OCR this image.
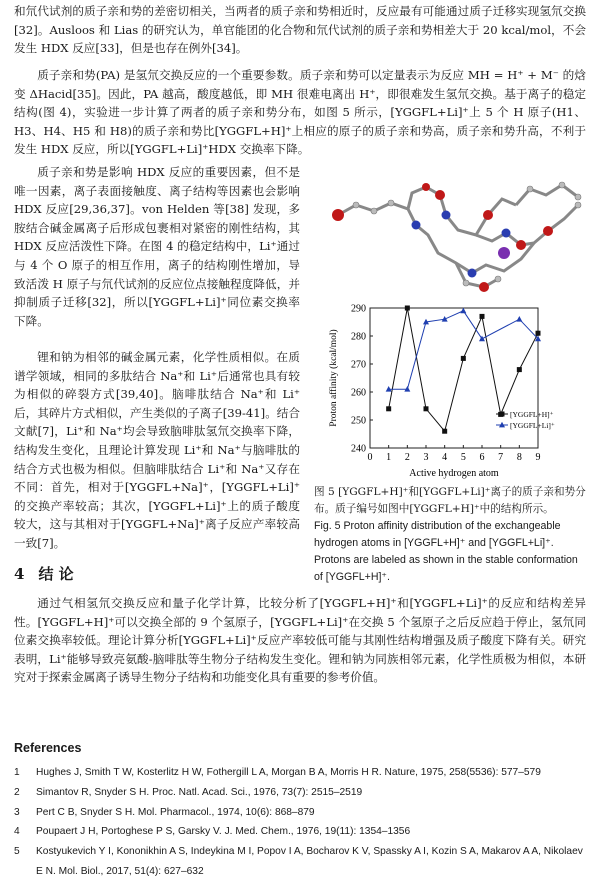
和氘代试剂的质子亲和势的差密切相关，当两者的质子亲和势相近时，反应最有可能通过质子迁移实现氢氘交换[32]。Ausloos 和 Lias 的研究认为，单官能团的化合物和氘代试剂的质子亲和势相差大于 20 kcal/mol，不会发生 HDX 反应[33]，但是也存在例外[34]。

质子亲和势(PA) 是氢氘交换反应的一个重要参数。质子亲和势可以定量表示为反应 MH = H⁺ + M⁻ 的焓变 ΔHacid[35]。因此，PA 越高，酸度越低，即 MH 很难电离出 H⁺，即很难发生氢氘交换。基于离子的稳定结构(图 4)，实验进一步计算了两者的质子亲和势分布，如图 5 所示，[YGGFL+Li]⁺上 5 个 H 原子(H1、H3、H4、H5 和 H8)的质子亲和势比[YGGFL+H]⁺上相应的原子的质子亲和势高，质子亲和势升高，不利于发生 HDX 反应，所以[YGGFL+Li]⁺HDX 交换率下降。

质子亲和势是影响 HDX 反应的重要因素，但不是唯一因素，离子表面接触度、离子结构等因素也会影响 HDX 反应[29,36,37]。von Helden 等[38] 发现，多胺结合碱金属离子后形成包裹相对紧密的刚性结构，其 HDX 反应活泼性下降。在图 4 的稳定结构中，Li⁺通过与 4 个 O 原子的相互作用，离子的结构刚性增加，导致活泼 H 原子与氘代试剂的反应位点接触程度降低，并抑制质子迁移[32]，所以[YGGFL+Li]⁺同位素交换率下降。

锂和钠为相邻的碱金属元素，化学性质相似。在质谱学领域，相同的多肽结合 Na⁺和 Li⁺后通常也具有较为相似的碎裂方式[39,40]。脑啡肽结合 Na⁺和 Li⁺后，其碎片方式相似，产生类似的子离子[39-41]。结合文献[7]，Li⁺和 Na⁺均会导致脑啡肽氢氘交换率下降，结构发生变化，且理论计算发现 Li⁺和 Na⁺与脑啡肽的结合方式也极为相似。但脑啡肽结合 Li⁺和 Na⁺又存在不同：首先，相对于[YGGFL+Na]⁺，[YGGFL+Li]⁺的交换产率较高；其次，[YGGFL+Li]⁺上的质子酸度较大，这与其相对于[YGGFL+Na]⁺离子反应产率较高一致[7]。

0 1 2 3 4 5 6 7 8 9
240
250
260
270
280
290
Active hydrogen atom
Proton affinity (kcal/mol)	[YGGFL+H]⁺
[YGGFL+Li]⁺
图 5 [YGGFL+H]⁺和[YGGFL+Li]⁺离子的质子亲和势分布。质子编号如图中[YGGFL+H]⁺中的结构所示。
Fig. 5 Proton affinity distribution of the exchangeable hydrogen atoms in [YGGFL+H]⁺ and [YGGFL+Li]⁺. Protons are labeled as shown in the stable conformation of [YGGFL+H]⁺.
4 结 论

通过气相氢氘交换反应和量子化学计算，比较分析了[YGGFL+H]⁺和[YGGFL+Li]⁺的反应和结构差异性。[YGGFL+H]⁺可以交换全部的 9 个氢原子，[YGGFL+Li]⁺在交换 5 个氢原子之后反应趋于停止，氢氘同位素交换率较低。理论计算分析[YGGFL+Li]⁺反应产率较低可能与其刚性结构增强及质子酸度下降有关。研究表明，Li⁺能够导致亮氨酸-脑啡肽等生物分子结构发生变化。锂和钠为同族相邻元素，化学性质极为相似，本研究对于探索金属离子诱导生物分子结构和功能变化具有重要的参考价值。

References
1	Hughes J, Smith T W, Kosterlitz H W, Fothergill L A, Morgan B A, Morris H R. Nature, 1975, 258(5536): 577–579
2	Simantov R, Snyder S H. Proc. Natl. Acad. Sci., 1976, 73(7): 2515–2519
3	Pert C B, Snyder S H. Mol. Pharmacol., 1974, 10(6): 868–879
4	Poupaert J H, Portoghese P S, Garsky V. J. Med. Chem., 1976, 19(11): 1354–1356
5	Kostyukevich Y I, Kononikhin A S, Indeykina M I, Popov I A, Bocharov K V, Spassky A I, Kozin S A, Makarov A A, Nikolaev E N. Mol. Biol., 2017, 51(4): 627–632
